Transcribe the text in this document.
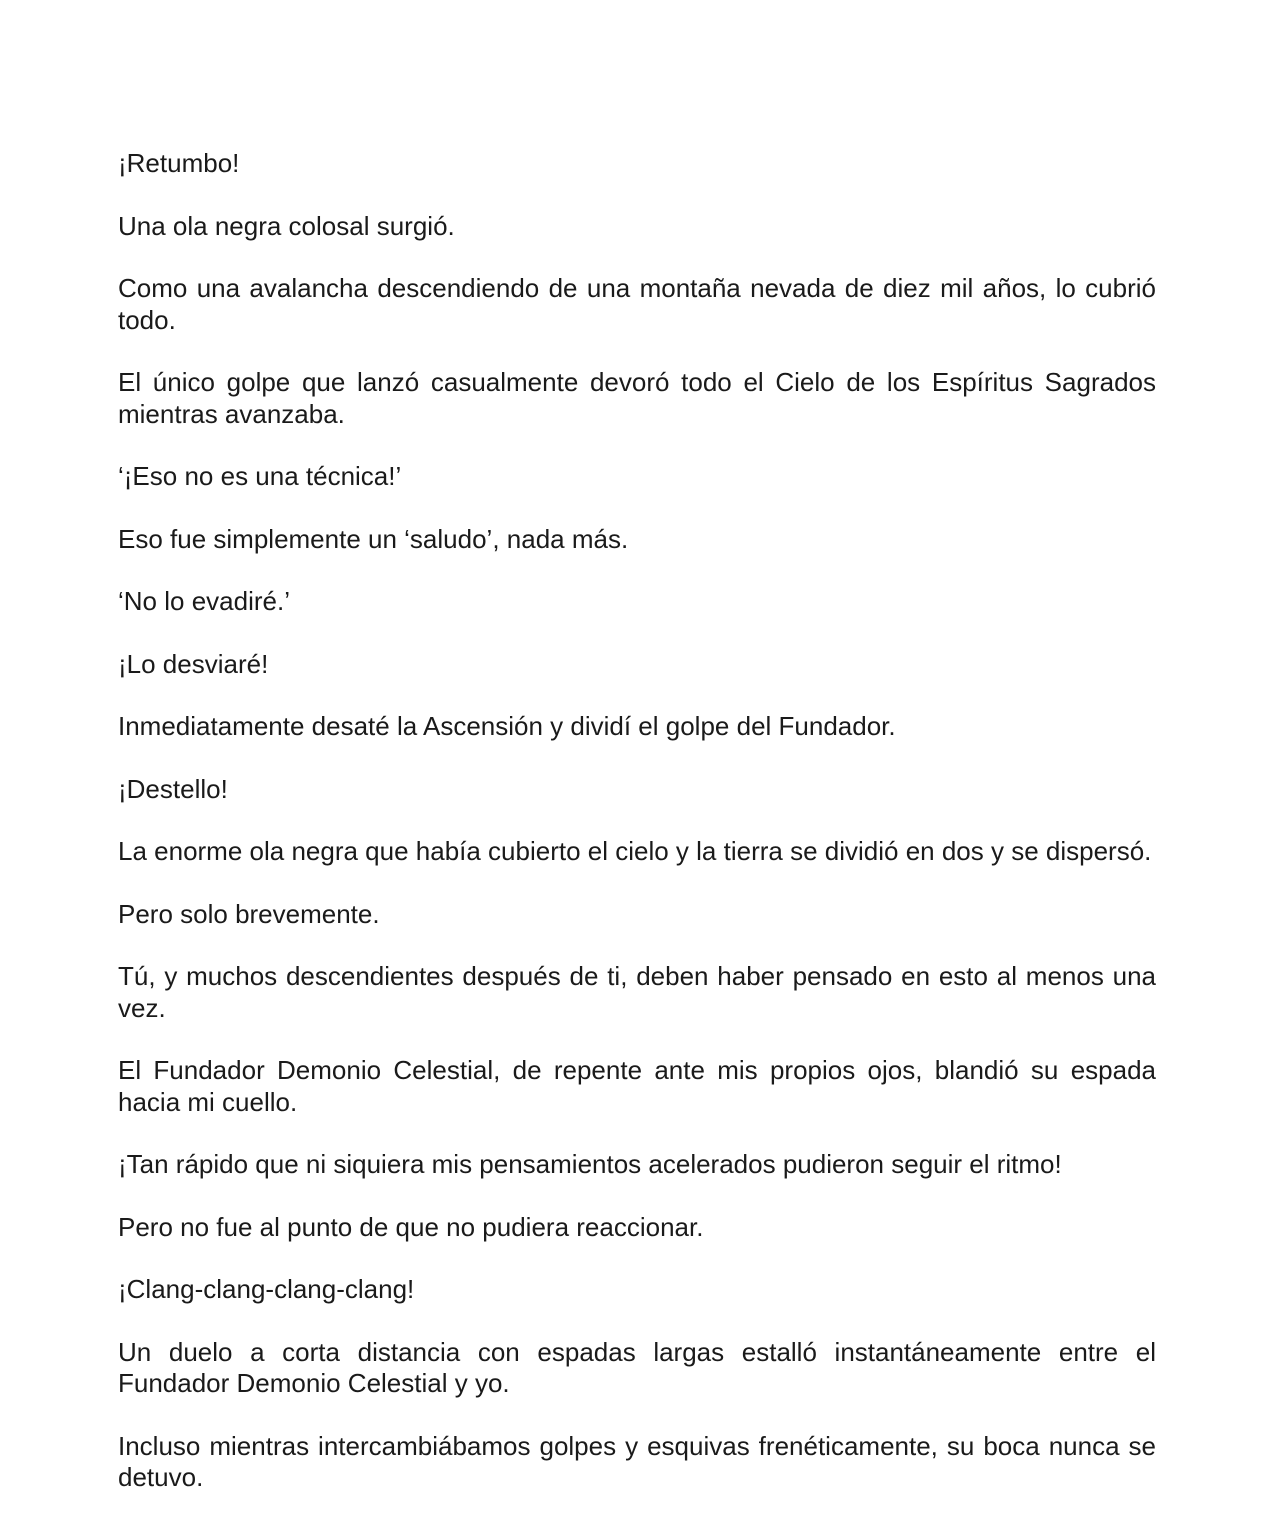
¡Retumbo!

Una ola negra colosal surgió.

Como una avalancha descendiendo de una montaña nevada de diez mil años, lo cubrió todo.

El único golpe que lanzó casualmente devoró todo el Cielo de los Espíritus Sagrados mientras avanzaba.

‘¡Eso no es una técnica!’

Eso fue simplemente un ‘saludo’, nada más.

‘No lo evadiré.’

¡Lo desviaré!

Inmediatamente desaté la Ascensión y dividí el golpe del Fundador.

¡Destello!

La enorme ola negra que había cubierto el cielo y la tierra se dividió en dos y se dispersó.

Pero solo brevemente.

Tú, y muchos descendientes después de ti, deben haber pensado en esto al menos una vez.

El Fundador Demonio Celestial, de repente ante mis propios ojos, blandió su espada hacia mi cuello.

¡Tan rápido que ni siquiera mis pensamientos acelerados pudieron seguir el ritmo!

Pero no fue al punto de que no pudiera reaccionar.

¡Clang-clang-clang-clang!

Un duelo a corta distancia con espadas largas estalló instantáneamente entre el Fundador Demonio Celestial y yo.

Incluso mientras intercambiábamos golpes y esquivas frenéticamente, su boca nunca se detuvo.
